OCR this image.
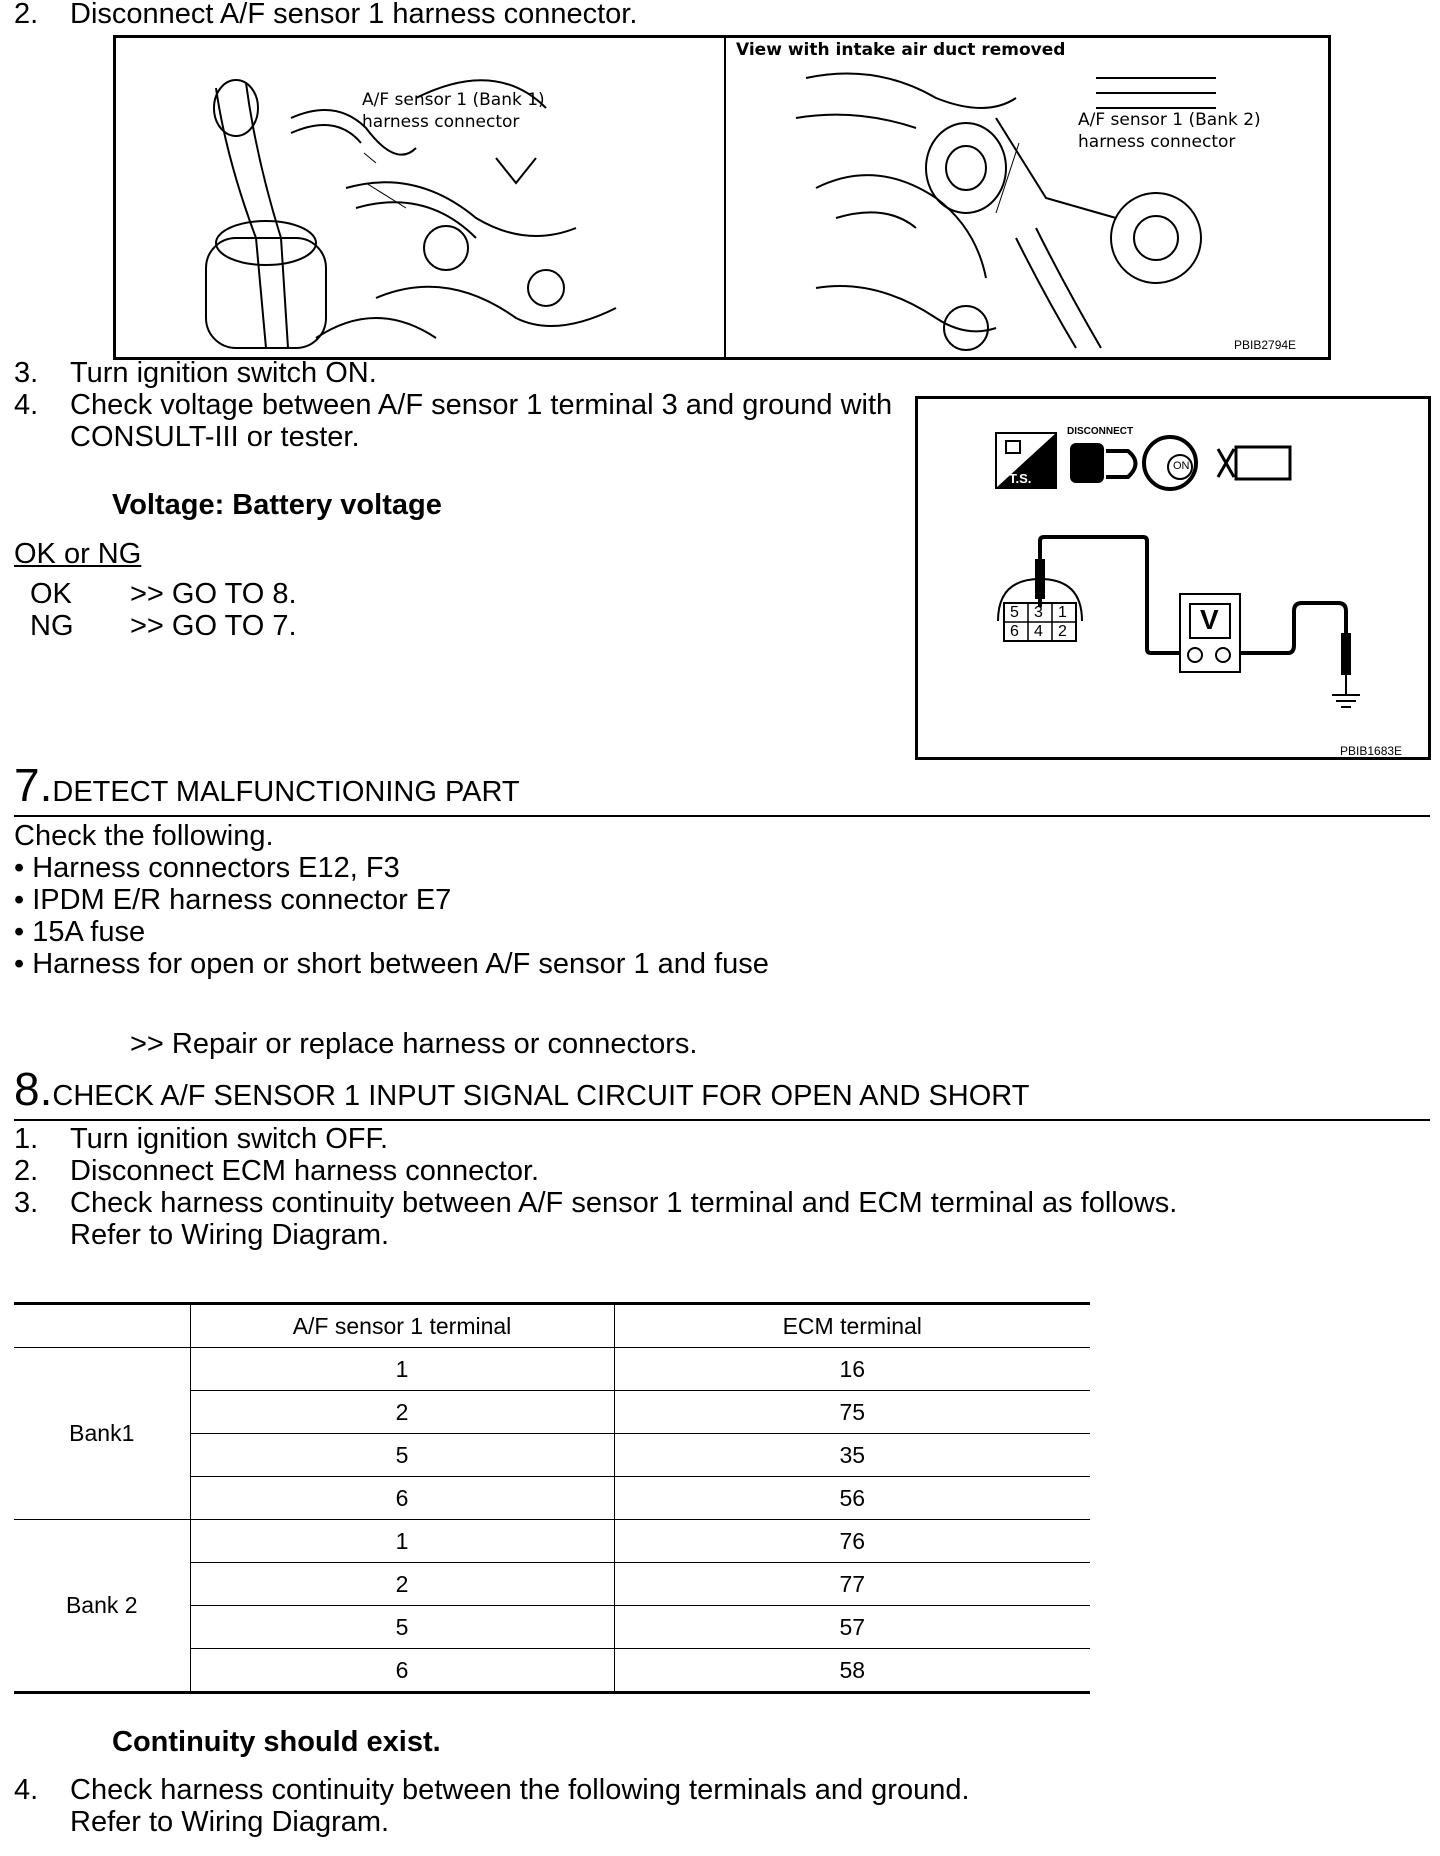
2. Disconnect A/F sensor 1 harness connector.
A/F sensor 1 (Bank 1)
harness connector
View with intake air duct removed
A/F sensor 1 (Bank 2)
harness connector
PBIB2794E
3. Turn ignition switch ON.
4. Check voltage between A/F sensor 1 terminal 3 and ground with
CONSULT-III or tester.
Voltage: Battery voltage
OK or NG
OK >> GO TO 8.
NG >> GO TO 7.
T.S.
DISCONNECT
ON
V
5 3 1
6 4 2
PBIB1683E
7.DETECT MALFUNCTIONING PART
Check the following.
• Harness connectors E12, F3
• IPDM E/R harness connector E7
• 15A fuse
• Harness for open or short between A/F sensor 1 and fuse
>> Repair or replace harness or connectors.
8.CHECK A/F SENSOR 1 INPUT SIGNAL CIRCUIT FOR OPEN AND SHORT
1. Turn ignition switch OFF.
2. Disconnect ECM harness connector.
3. Check harness continuity between A/F sensor 1 terminal and ECM terminal as follows.
Refer to Wiring Diagram.
	A/F sensor 1 terminal	ECM terminal
Bank1	1	16
	2	75
	5	35
	6	56
Bank 2	1	76
	2	77
	5	57
	6	58
Continuity should exist.
4. Check harness continuity between the following terminals and ground.
Refer to Wiring Diagram.
